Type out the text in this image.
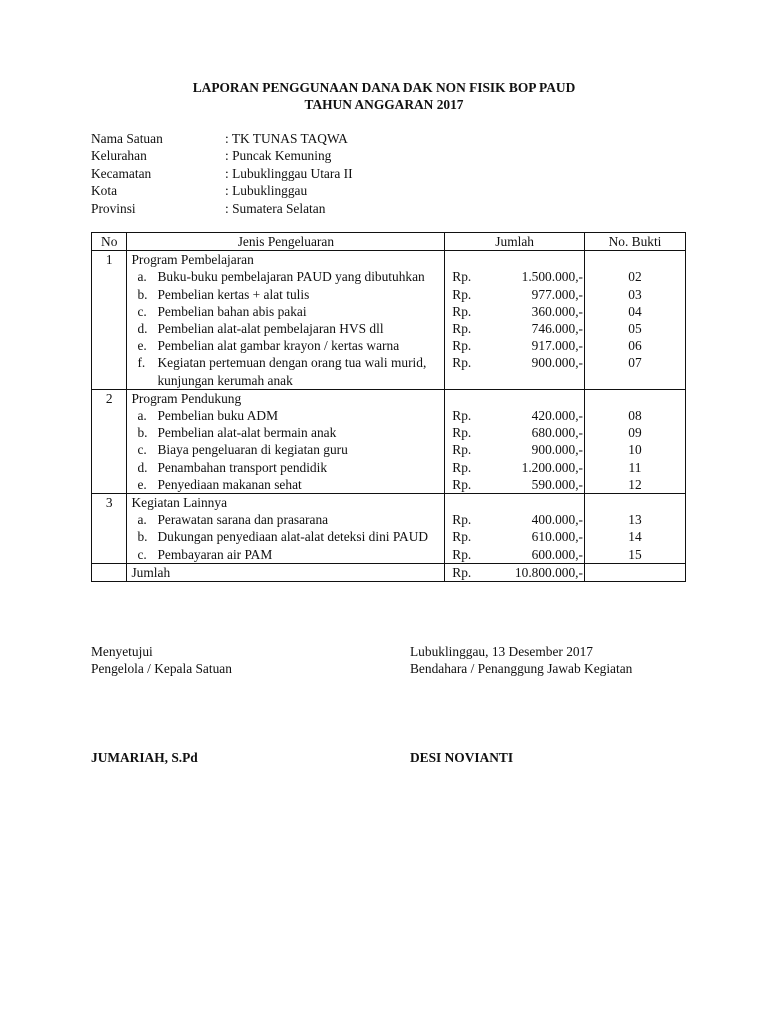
LAPORAN PENGGUNAAN DANA DAK NON FISIK BOP PAUD
TAHUN ANGGARAN 2017
Nama Satuan	: TK TUNAS TAQWA
Kelurahan	: Puncak Kemuning
Kecamatan	: Lubuklinggau Utara II
Kota	: Lubuklinggau
Provinsi	: Sumatera Selatan
No	Jenis Pengeluaran	Jumlah		No. Bukti
1	Program Pembelajaran			

	a. Buku-buku pembelajaran PAUD yang dibutuhkan	Rp.	1.500.000,-	02

	b. Pembelian kertas + alat tulis	Rp.	977.000,-	03

	c. Pembelian bahan abis pakai	Rp.	360.000,-	04

	d. Pembelian alat-alat pembelajaran HVS dll	Rp.	746.000,-	05

	e. Pembelian alat gambar krayon / kertas warna	Rp.	917.000,-	06

	f. Kegiatan pertemuan dengan orang tua wali murid, kunjungan kerumah anak	Rp.	900.000,-	07
2	Program Pendukung			

	a. Pembelian buku ADM	Rp.	420.000,-	08

	b. Pembelian alat-alat bermain anak	Rp.	680.000,-	09

	c. Biaya pengeluaran di kegiatan guru	Rp.	900.000,-	10

	d. Penambahan transport pendidik	Rp.	1.200.000,-	11

	e. Penyediaan makanan sehat	Rp.	590.000,-	12
3	Kegiatan Lainnya			

	a. Perawatan sarana dan prasarana	Rp.	400.000,-	13

	b. Dukungan penyediaan alat-alat deteksi dini PAUD	Rp.	610.000,-	14

	c. Pembayaran air PAM	Rp.	600.000,-	15
	Jumlah	Rp.	10.800.000,-	
Menyetujui
Pengelola / Kepala Satuan
Lubuklinggau, 13 Desember 2017
Bendahara / Penanggung Jawab Kegiatan
JUMARIAH, S.Pd	DESI NOVIANTI
